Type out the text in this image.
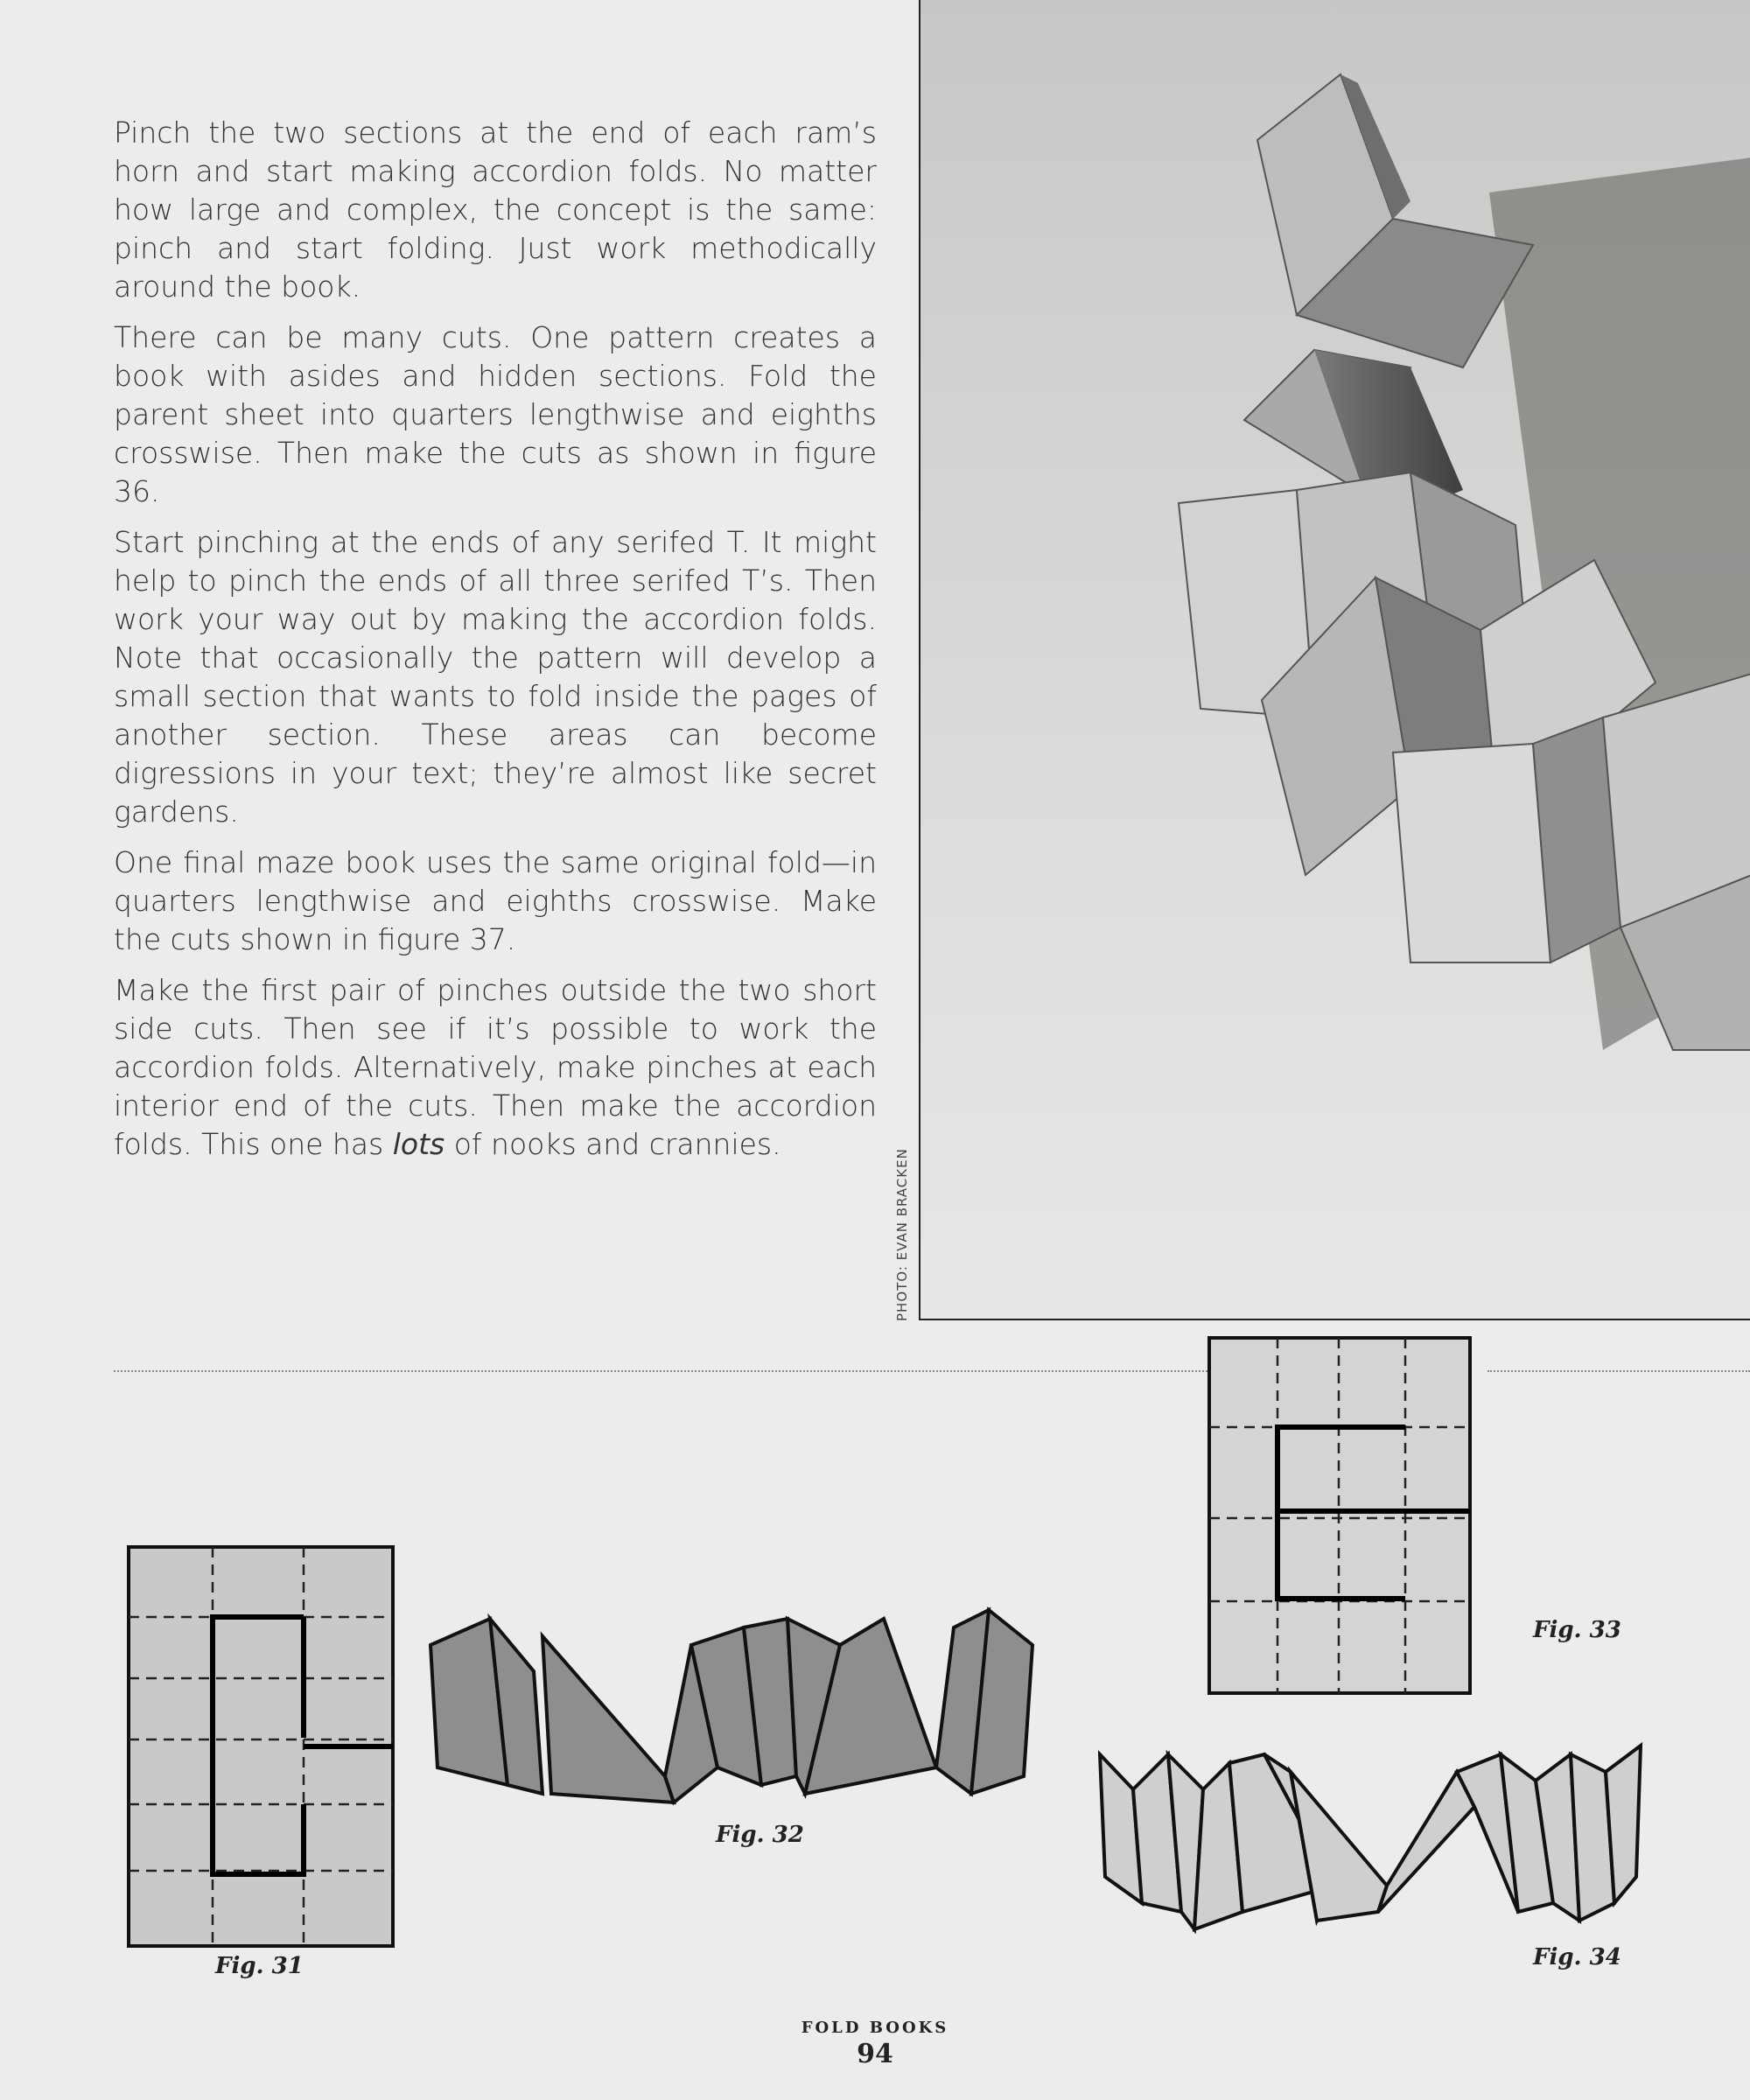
Pinch the two sections at the end of each ram’s horn and start making accordion folds. No matter how large and complex, the concept is the same: pinch and start folding. Just work methodically around the book.

There can be many cuts. One pattern creates a book with asides and hidden sections. Fold the parent sheet into quarters lengthwise and eighths crosswise. Then make the cuts as shown in figure 36.

Start pinching at the ends of any serifed T. It might help to pinch the ends of all three serifed T’s. Then work your way out by making the accordion folds. Note that occasionally the pattern will develop a small section that wants to fold inside the pages of another section. These areas can become digressions in your text; they’re almost like secret gardens.

One final maze book uses the same original fold—in quarters lengthwise and eighths crosswise. Make the cuts shown in figure 37.

Make the first pair of pinches outside the two short side cuts. Then see if it’s possible to work the accordion folds. Alternatively, make pinches at each interior end of the cuts. Then make the accordion folds. This one has lots of nooks and crannies.

PHOTO: EVAN BRACKEN
Fig. 31
Fig. 32
Fig. 33
Fig. 34
FOLD BOOKS
94
